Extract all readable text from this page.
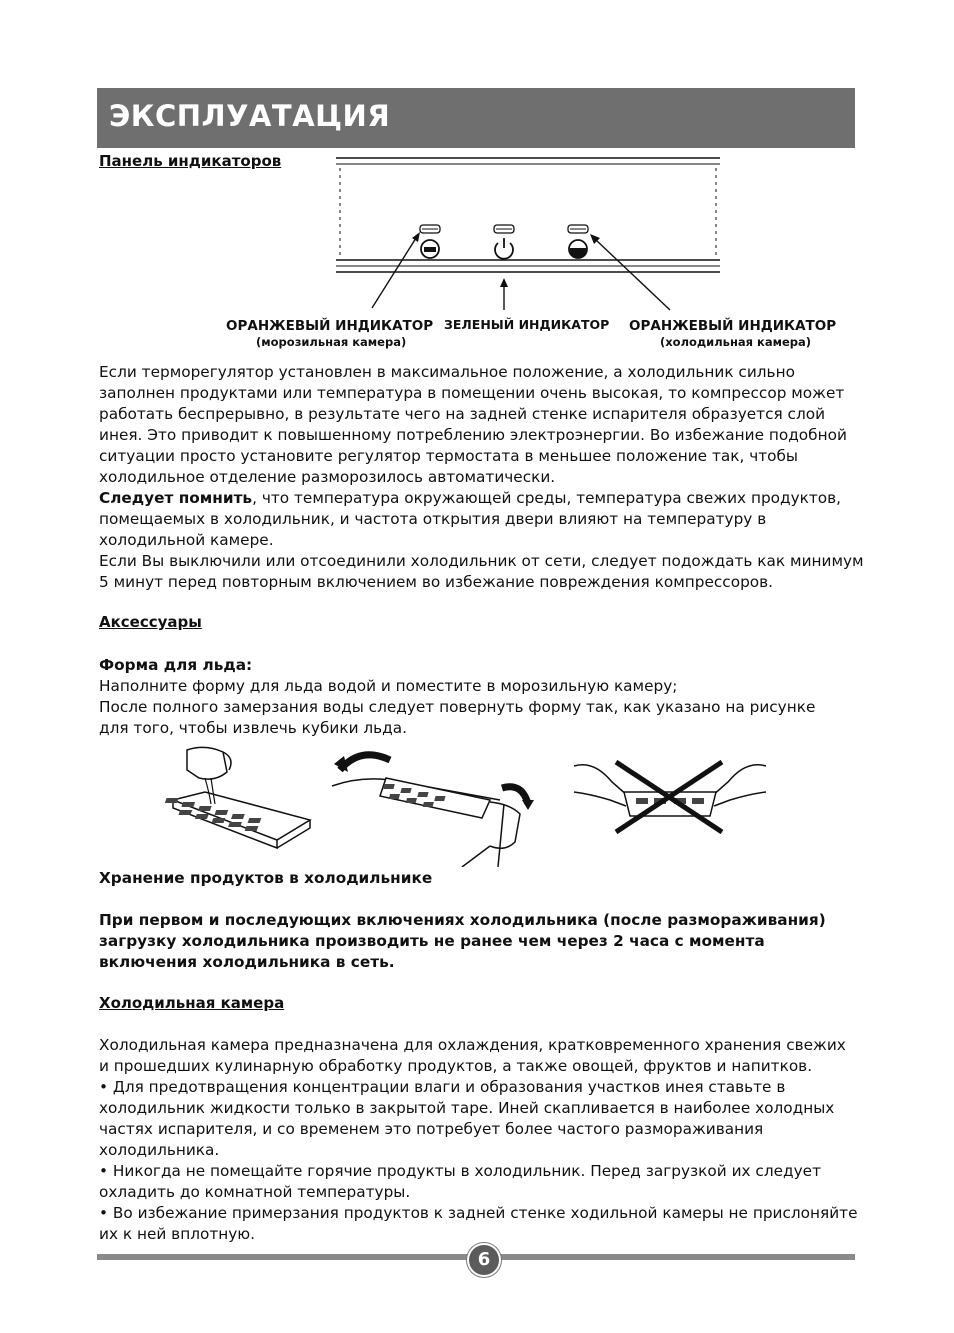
ЭКСПЛУАТАЦИЯ
Панель индикаторов
ОРАНЖЕВЫЙ ИНДИКАТОР
(морозильная камера)
ЗЕЛЕНЫЙ ИНДИКАТОР ОРАНЖЕВЫЙ ИНДИКАТОР
(холодильная камера)

Если терморегулятор установлен в максимальное положение, а холодильник сильно заполнен продуктами или температура в помещении очень высокая, то компрессор может работать беспрерывно, в результате чего на задней стенке испарителя образуется слой инея. Это приводит к повышенному потреблению электроэнергии. Во избежание подобной ситуации просто установите регулятор термостата в меньшее положение так, чтобы холодильное отделение разморозилось автоматически.

Следует помнить, что температура окружающей среды, температура свежих продуктов, помещаемых в холодильник, и частота открытия двери влияют на температуру в холодильной камере.

Если Вы выключили или отсоединили холодильник от сети, следует подождать как минимум 5 минут перед повторным включением во избежание повреждения компрессоров.

Аксессуары

Форма для льда:

Наполните форму для льда водой и поместите в морозильную камеру;

После полного замерзания воды следует повернуть форму так, как указано на рисунке для того, чтобы извлечь кубики льда.

Хранение продуктов в холодильнике
При первом и последующих включениях холодильника (после размораживания) загрузку холодильника производить не ранее чем через 2 часа с момента включения холодильника в сеть.
Холодильная камера

Холодильная камера предназначена для охлаждения, кратковременного хранения свежих и прошедших кулинарную обработку продуктов, а также овощей, фруктов и напитков.

• Для предотвращения концентрации влаги и образования участков инея ставьте в холодильник жидкости только в закрытой таре. Иней скапливается в наиболее холодных частях испарителя, и со временем это потребует более частого размораживания холодильника.

• Никогда не помещайте горячие продукты в холодильник. Перед загрузкой их следует охладить до комнатной температуры.

• Во избежание примерзания продуктов к задней стенке ходильной камеры не прислоняйте их к ней вплотную.

6
